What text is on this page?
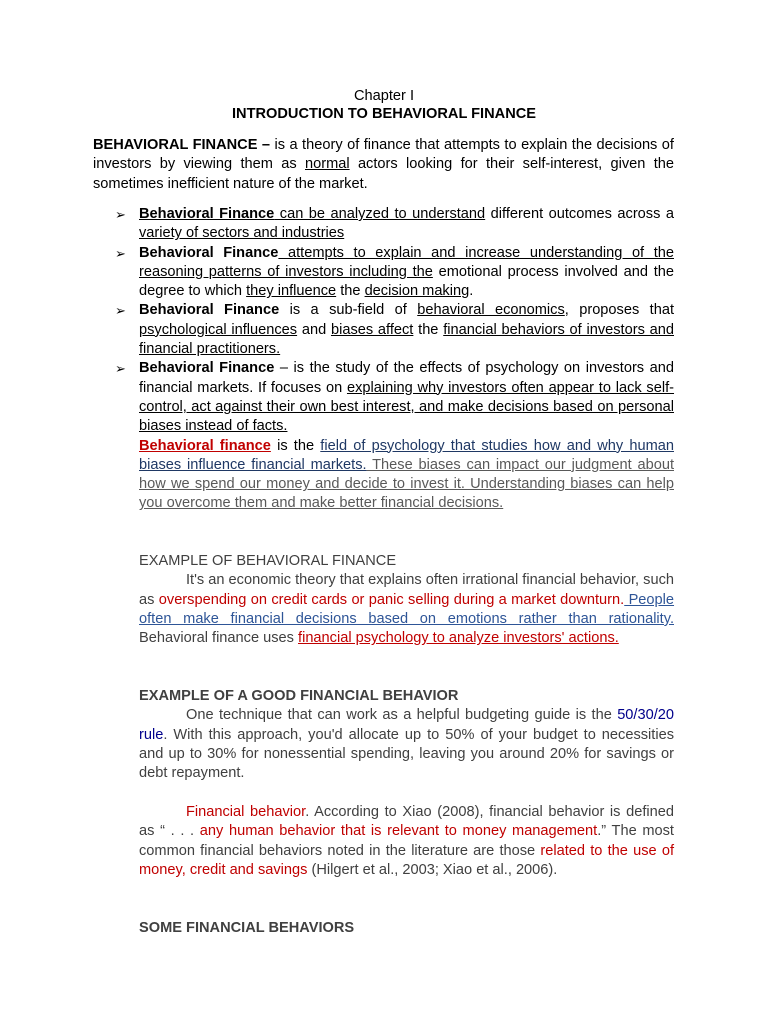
Chapter I
INTRODUCTION TO BEHAVIORAL FINANCE
BEHAVIORAL FINANCE – is a theory of finance that attempts to explain the decisions of investors by viewing them as normal actors looking for their self-interest, given the sometimes inefficient nature of the market.
➢ Behavioral Finance can be analyzed to understand different outcomes across a variety of sectors and industries
➢ Behavioral Finance attempts to explain and increase understanding of the reasoning patterns of investors including the emotional process involved and the degree to which they influence the decision making.
➢ Behavioral Finance is a sub-field of behavioral economics, proposes that psychological influences and biases affect the financial behaviors of investors and financial practitioners.
➢ Behavioral Finance – is the study of the effects of psychology on investors and financial markets. If focuses on explaining why investors often appear to lack self-control, act against their own best interest, and make decisions based on personal biases instead of facts.
Behavioral finance is the field of psychology that studies how and why human biases influence financial markets. These biases can impact our judgment about how we spend our money and decide to invest it. Understanding biases can help you overcome them and make better financial decisions.
EXAMPLE OF BEHAVIORAL FINANCE
It's an economic theory that explains often irrational financial behavior, such as overspending on credit cards or panic selling during a market downturn. People often make financial decisions based on emotions rather than rationality. Behavioral finance uses financial psychology to analyze investors' actions.
EXAMPLE OF A GOOD FINANCIAL BEHAVIOR
One technique that can work as a helpful budgeting guide is the 50/30/20 rule. With this approach, you'd allocate up to 50% of your budget to necessities and up to 30% for nonessential spending, leaving you around 20% for savings or debt repayment.
Financial behavior. According to Xiao (2008), financial behavior is defined as “ . . . any human behavior that is relevant to money management.” The most common financial behaviors noted in the literature are those related to the use of money, credit and savings (Hilgert et al., 2003; Xiao et al., 2006).
SOME FINANCIAL BEHAVIORS
